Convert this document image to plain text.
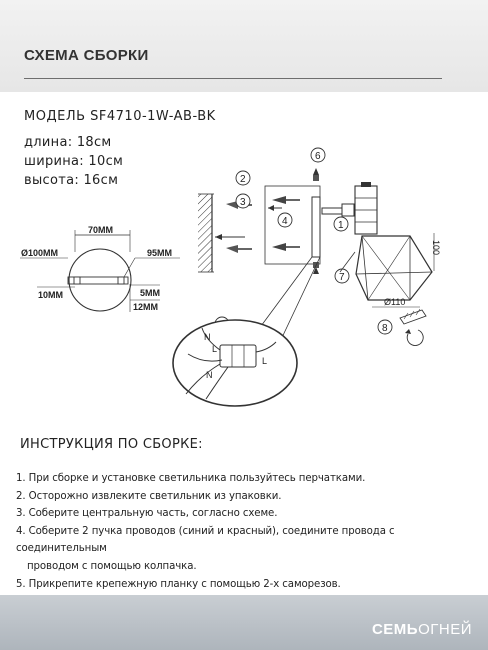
СХЕМА СБОРКИ
МОДЕЛЬ SF4710-1W-AB-BK
длина: 18см
ширина: 10см
высота: 16см
70MM
Ø100MM	95MM
10MM	5MM
12MM
2
3
4
6
1
7
8
100
Ø110
N
L
N
L
ИНСТРУКЦИЯ ПО СБОРКЕ:
1. При сборке и установке светильника пользуйтесь перчатками.
2. Осторожно извлеките светильник из упаковки.
3. Соберите центральную часть, согласно схеме.
4. Соберите 2 пучка проводов (синий и красный), соедините провода с соединительным
проводом с помощью колпачка.
5. Прикрепите крепежную планку с помощью 2-х саморезов.
СЕМЬОГНЕЙ
